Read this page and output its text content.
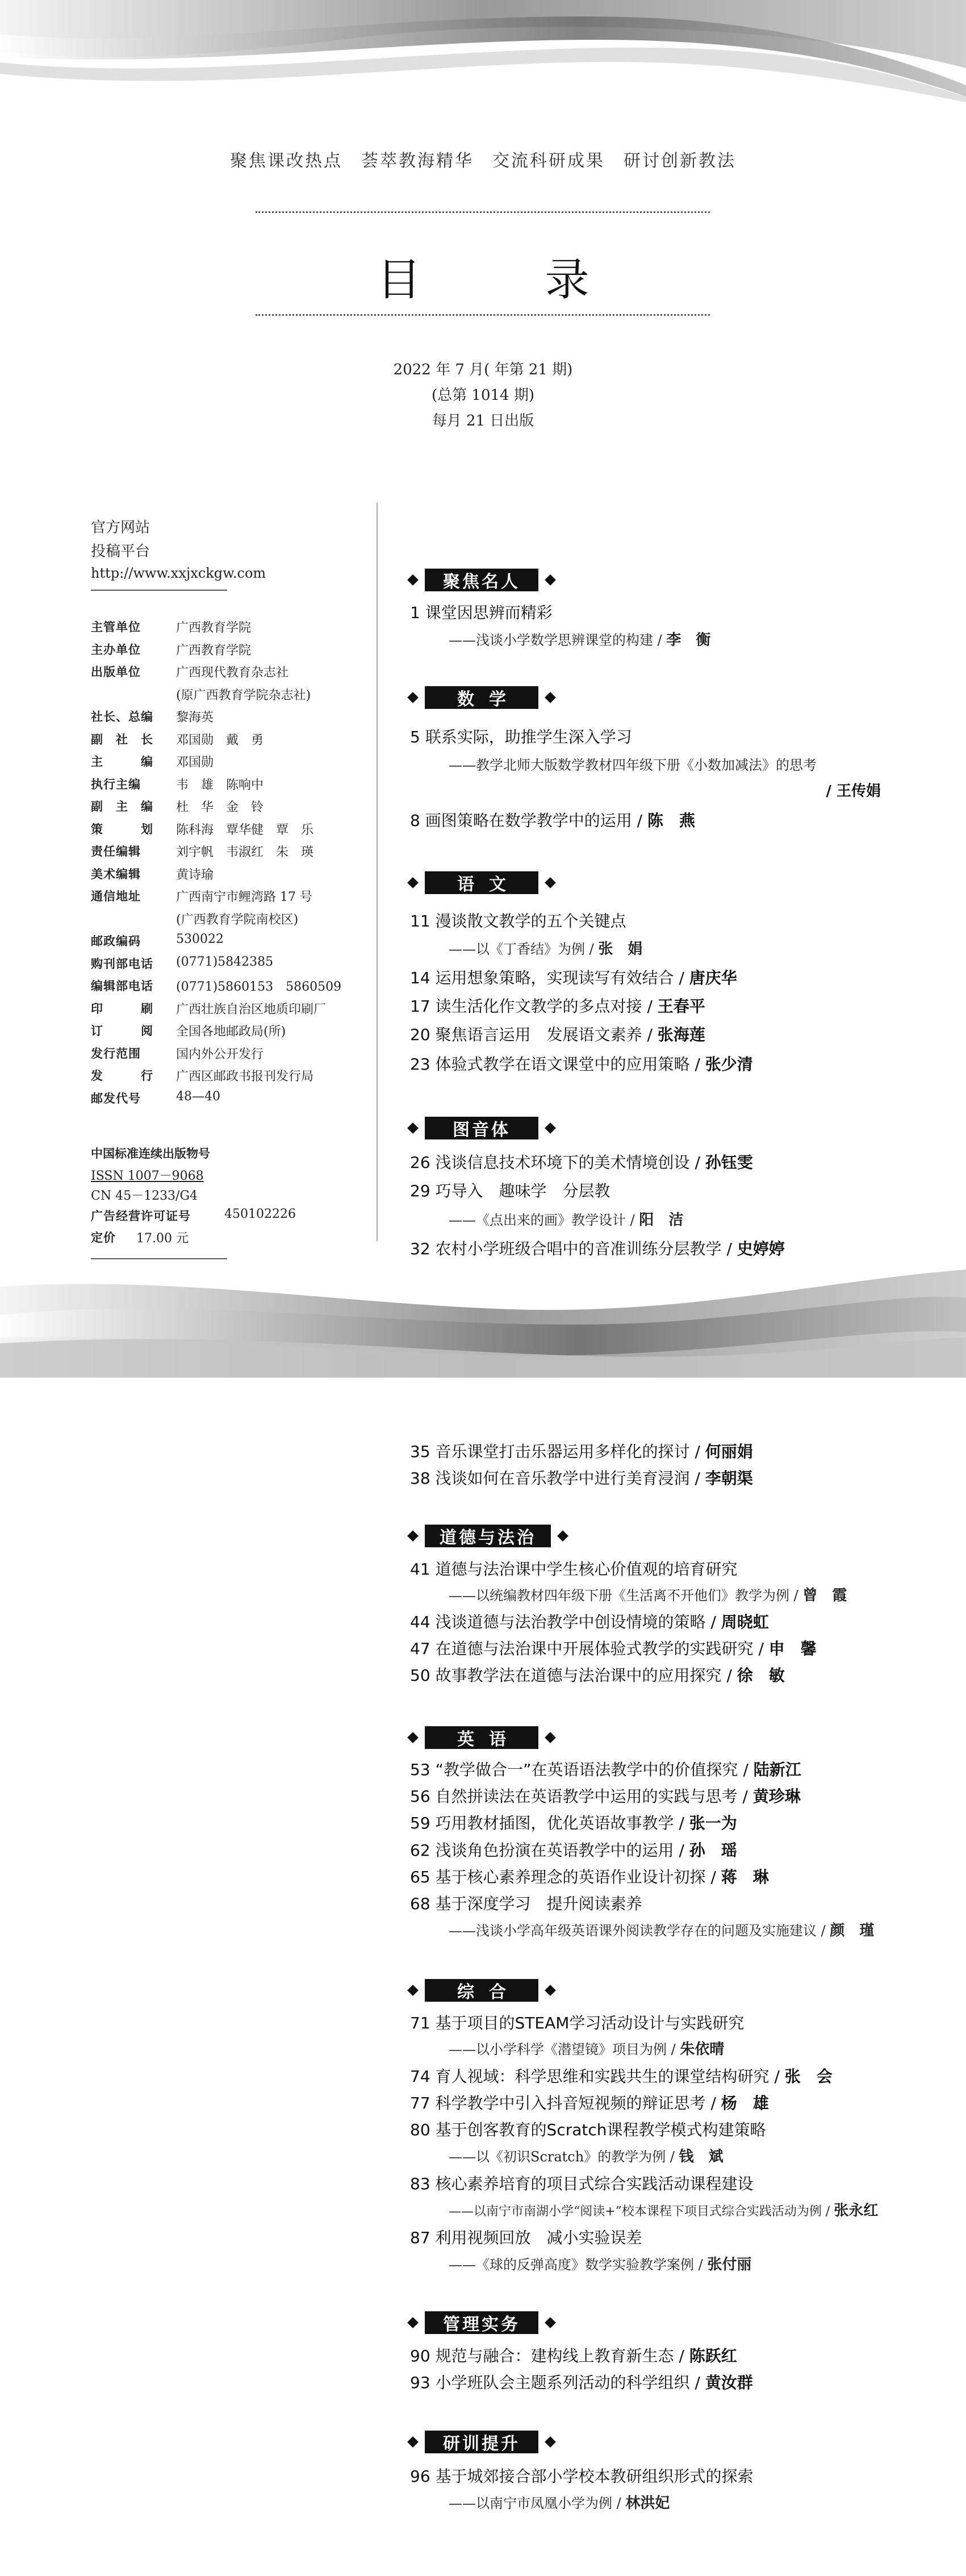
聚焦课改热点　荟萃教海精华　交流科研成果　研讨创新教法
目　录
2022 年 7 月( 年第 21 期)
(总第 1014 期)
每月 21 日出版
官方网站
投稿平台
http://www.xxjxckgw.com
主管单位	广西教育学院
主办单位	广西教育学院
出版单位	广西现代教育杂志社
(原广西教育学院杂志社)
社长、总编	黎海英
副　社　长	邓国勋　戴　勇
主　　　编	邓国勋
执行主编	韦　雄　陈响中
副　主　编	杜　华　金　铃
策　　　划	陈科海　覃华健　覃　乐
责任编辑	刘宇帆　韦淑红　朱　瑛
美术编辑	黄诗瑜
通信地址	广西南宁市鲤湾路 17 号
(广西教育学院南校区)
邮政编码	530022
购刊部电话	(0771)5842385
编辑部电话	(0771)5860153　5860509
印　　　刷	广西壮族自治区地质印刷厂
订　　　阅	全国各地邮政局(所)
发行范围	国内外公开发行
发　　　行	广西区邮政书报刊发行局
邮发代号	48—40
中国标准连续出版物号
ISSN 1007－9068
CN 45－1233/G4
广告经营许可证号	450102226
定价	17.00 元
聚焦名人
1 课堂因思辨而精彩
——浅谈小学数学思辨课堂的构建 / 李　衡
数学
5 联系实际，助推学生深入学习
——教学北师大版数学教材四年级下册《小数加减法》的思考
/ 王传娟
8 画图策略在数学教学中的运用 / 陈　燕
语文
11 漫谈散文教学的五个关键点
——以《丁香结》为例 / 张　娟
14 运用想象策略，实现读写有效结合 / 唐庆华
17 读生活化作文教学的多点对接 / 王春平
20 聚焦语言运用　发展语文素养 / 张海莲
23 体验式教学在语文课堂中的应用策略 / 张少清
图音体
26 浅谈信息技术环境下的美术情境创设 / 孙钰雯
29 巧导入　趣味学　分层教
——《点出来的画》教学设计 / 阳　洁
32 农村小学班级合唱中的音准训练分层教学 / 史婷婷
35 音乐课堂打击乐器运用多样化的探讨 / 何丽娟
38 浅谈如何在音乐教学中进行美育浸润 / 李朝渠
道德与法治
41 道德与法治课中学生核心价值观的培育研究
——以统编教材四年级下册《生活离不开他们》教学为例 / 曾　霞
44 浅谈道德与法治教学中创设情境的策略 / 周晓虹
47 在道德与法治课中开展体验式教学的实践研究 / 申　馨
50 故事教学法在道德与法治课中的应用探究 / 徐　敏
英语
53 “教学做合一”在英语语法教学中的价值探究 / 陆新江
56 自然拼读法在英语教学中运用的实践与思考 / 黄珍琳
59 巧用教材插图，优化英语故事教学 / 张一为
62 浅谈角色扮演在英语教学中的运用 / 孙　瑶
65 基于核心素养理念的英语作业设计初探 / 蒋　琳
68 基于深度学习　提升阅读素养
——浅谈小学高年级英语课外阅读教学存在的问题及实施建议 / 颜　瑾
综合
71 基于项目的STEAM学习活动设计与实践研究
——以小学科学《潜望镜》项目为例 / 朱依晴
74 育人视域：科学思维和实践共生的课堂结构研究 / 张　会
77 科学教学中引入抖音短视频的辩证思考 / 杨　雄
80 基于创客教育的Scratch课程教学模式构建策略
——以《初识Scratch》的教学为例 / 钱　斌
83 核心素养培育的项目式综合实践活动课程建设
——以南宁市南湖小学“阅读+”校本课程下项目式综合实践活动为例 / 张永红
87 利用视频回放　减小实验误差
——《球的反弹高度》数学实验教学案例 / 张付丽
管理实务
90 规范与融合：建构线上教育新生态 / 陈跃红
93 小学班队会主题系列活动的科学组织 / 黄汝群
研训提升
96 基于城郊接合部小学校本教研组织形式的探索
——以南宁市凤凰小学为例 / 林洪妃
